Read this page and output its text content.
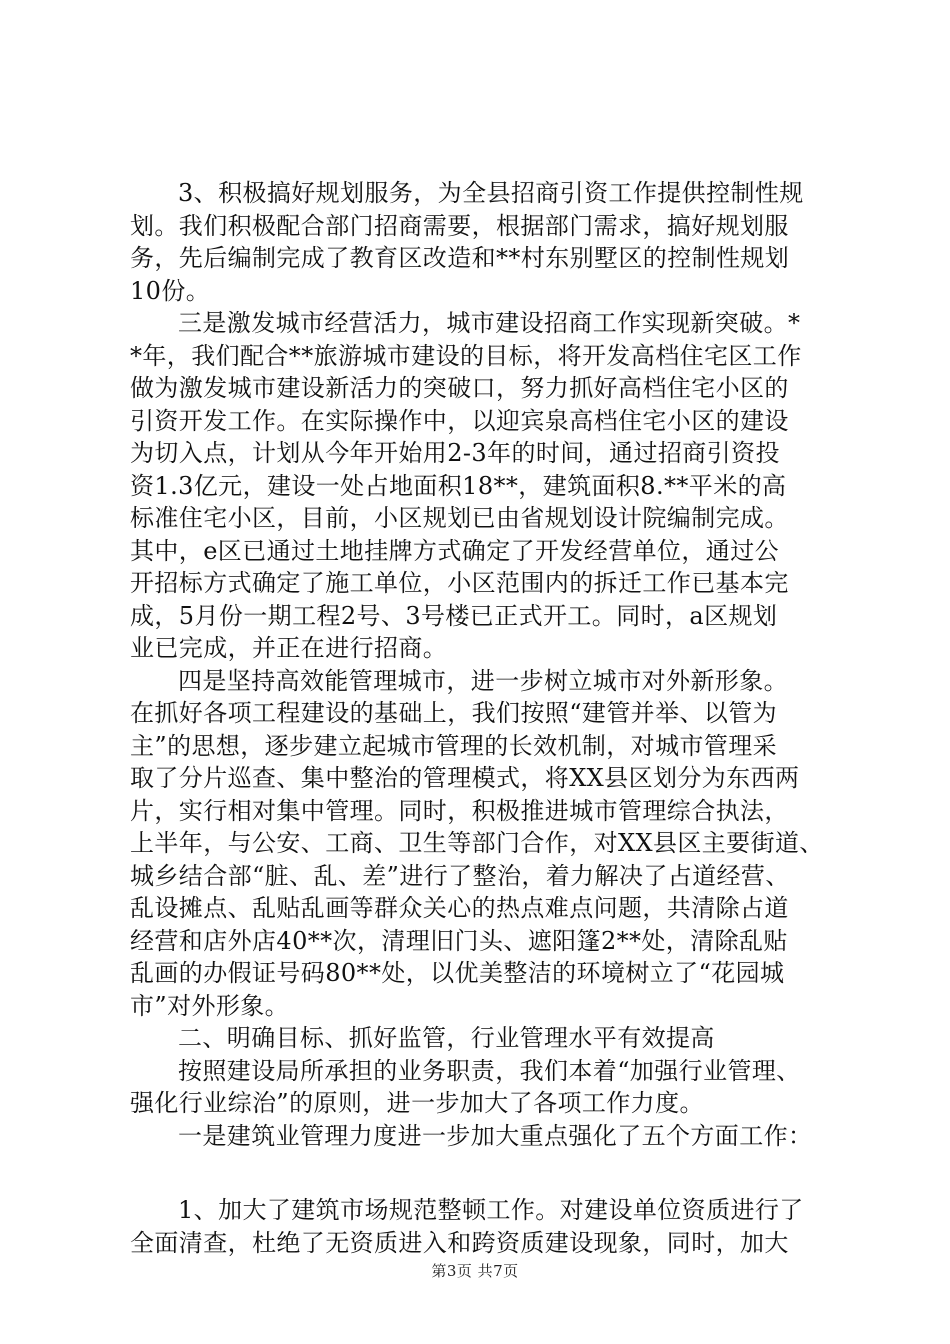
3、积极搞好规划服务，为全县招商引资工作提供控制性规
划。我们积极配合部门招商需要，根据部门需求，搞好规划服
务，先后编制完成了教育区改造和**村东别墅区的控制性规划
10份。
三是激发城市经营活力，城市建设招商工作实现新突破。*
*年，我们配合**旅游城市建设的目标，将开发高档住宅区工作
做为激发城市建设新活力的突破口，努力抓好高档住宅小区的
引资开发工作。在实际操作中，以迎宾泉高档住宅小区的建设
为切入点，计划从今年开始用2-3年的时间，通过招商引资投
资1.3亿元，建设一处占地面积18**，建筑面积8.**平米的高
标准住宅小区，目前，小区规划已由省规划设计院编制完成。
其中，e区已通过土地挂牌方式确定了开发经营单位，通过公
开招标方式确定了施工单位，小区范围内的拆迁工作已基本完
成，5月份一期工程2号、3号楼已正式开工。同时，a区规划
业已完成，并正在进行招商。
四是坚持高效能管理城市，进一步树立城市对外新形象。
在抓好各项工程建设的基础上，我们按照“建管并举、以管为
主”的思想，逐步建立起城市管理的长效机制，对城市管理采
取了分片巡查、集中整治的管理模式，将XX县区划分为东西两
片，实行相对集中管理。同时，积极推进城市管理综合执法，
上半年，与公安、工商、卫生等部门合作，对XX县区主要街道、
城乡结合部“脏、乱、差”进行了整治，着力解决了占道经营、
乱设摊点、乱贴乱画等群众关心的热点难点问题，共清除占道
经营和店外店40**次，清理旧门头、遮阳篷2**处，清除乱贴
乱画的办假证号码80**处，以优美整洁的环境树立了“花园城
市”对外形象。
二、明确目标、抓好监管，行业管理水平有效提高
按照建设局所承担的业务职责，我们本着“加强行业管理、
强化行业综治”的原则，进一步加大了各项工作力度。
一是建筑业管理力度进一步加大重点强化了五个方面工作：
1、加大了建筑市场规范整顿工作。对建设单位资质进行了
全面清查，杜绝了无资质进入和跨资质建设现象，同时，加大
第3页 共7页
